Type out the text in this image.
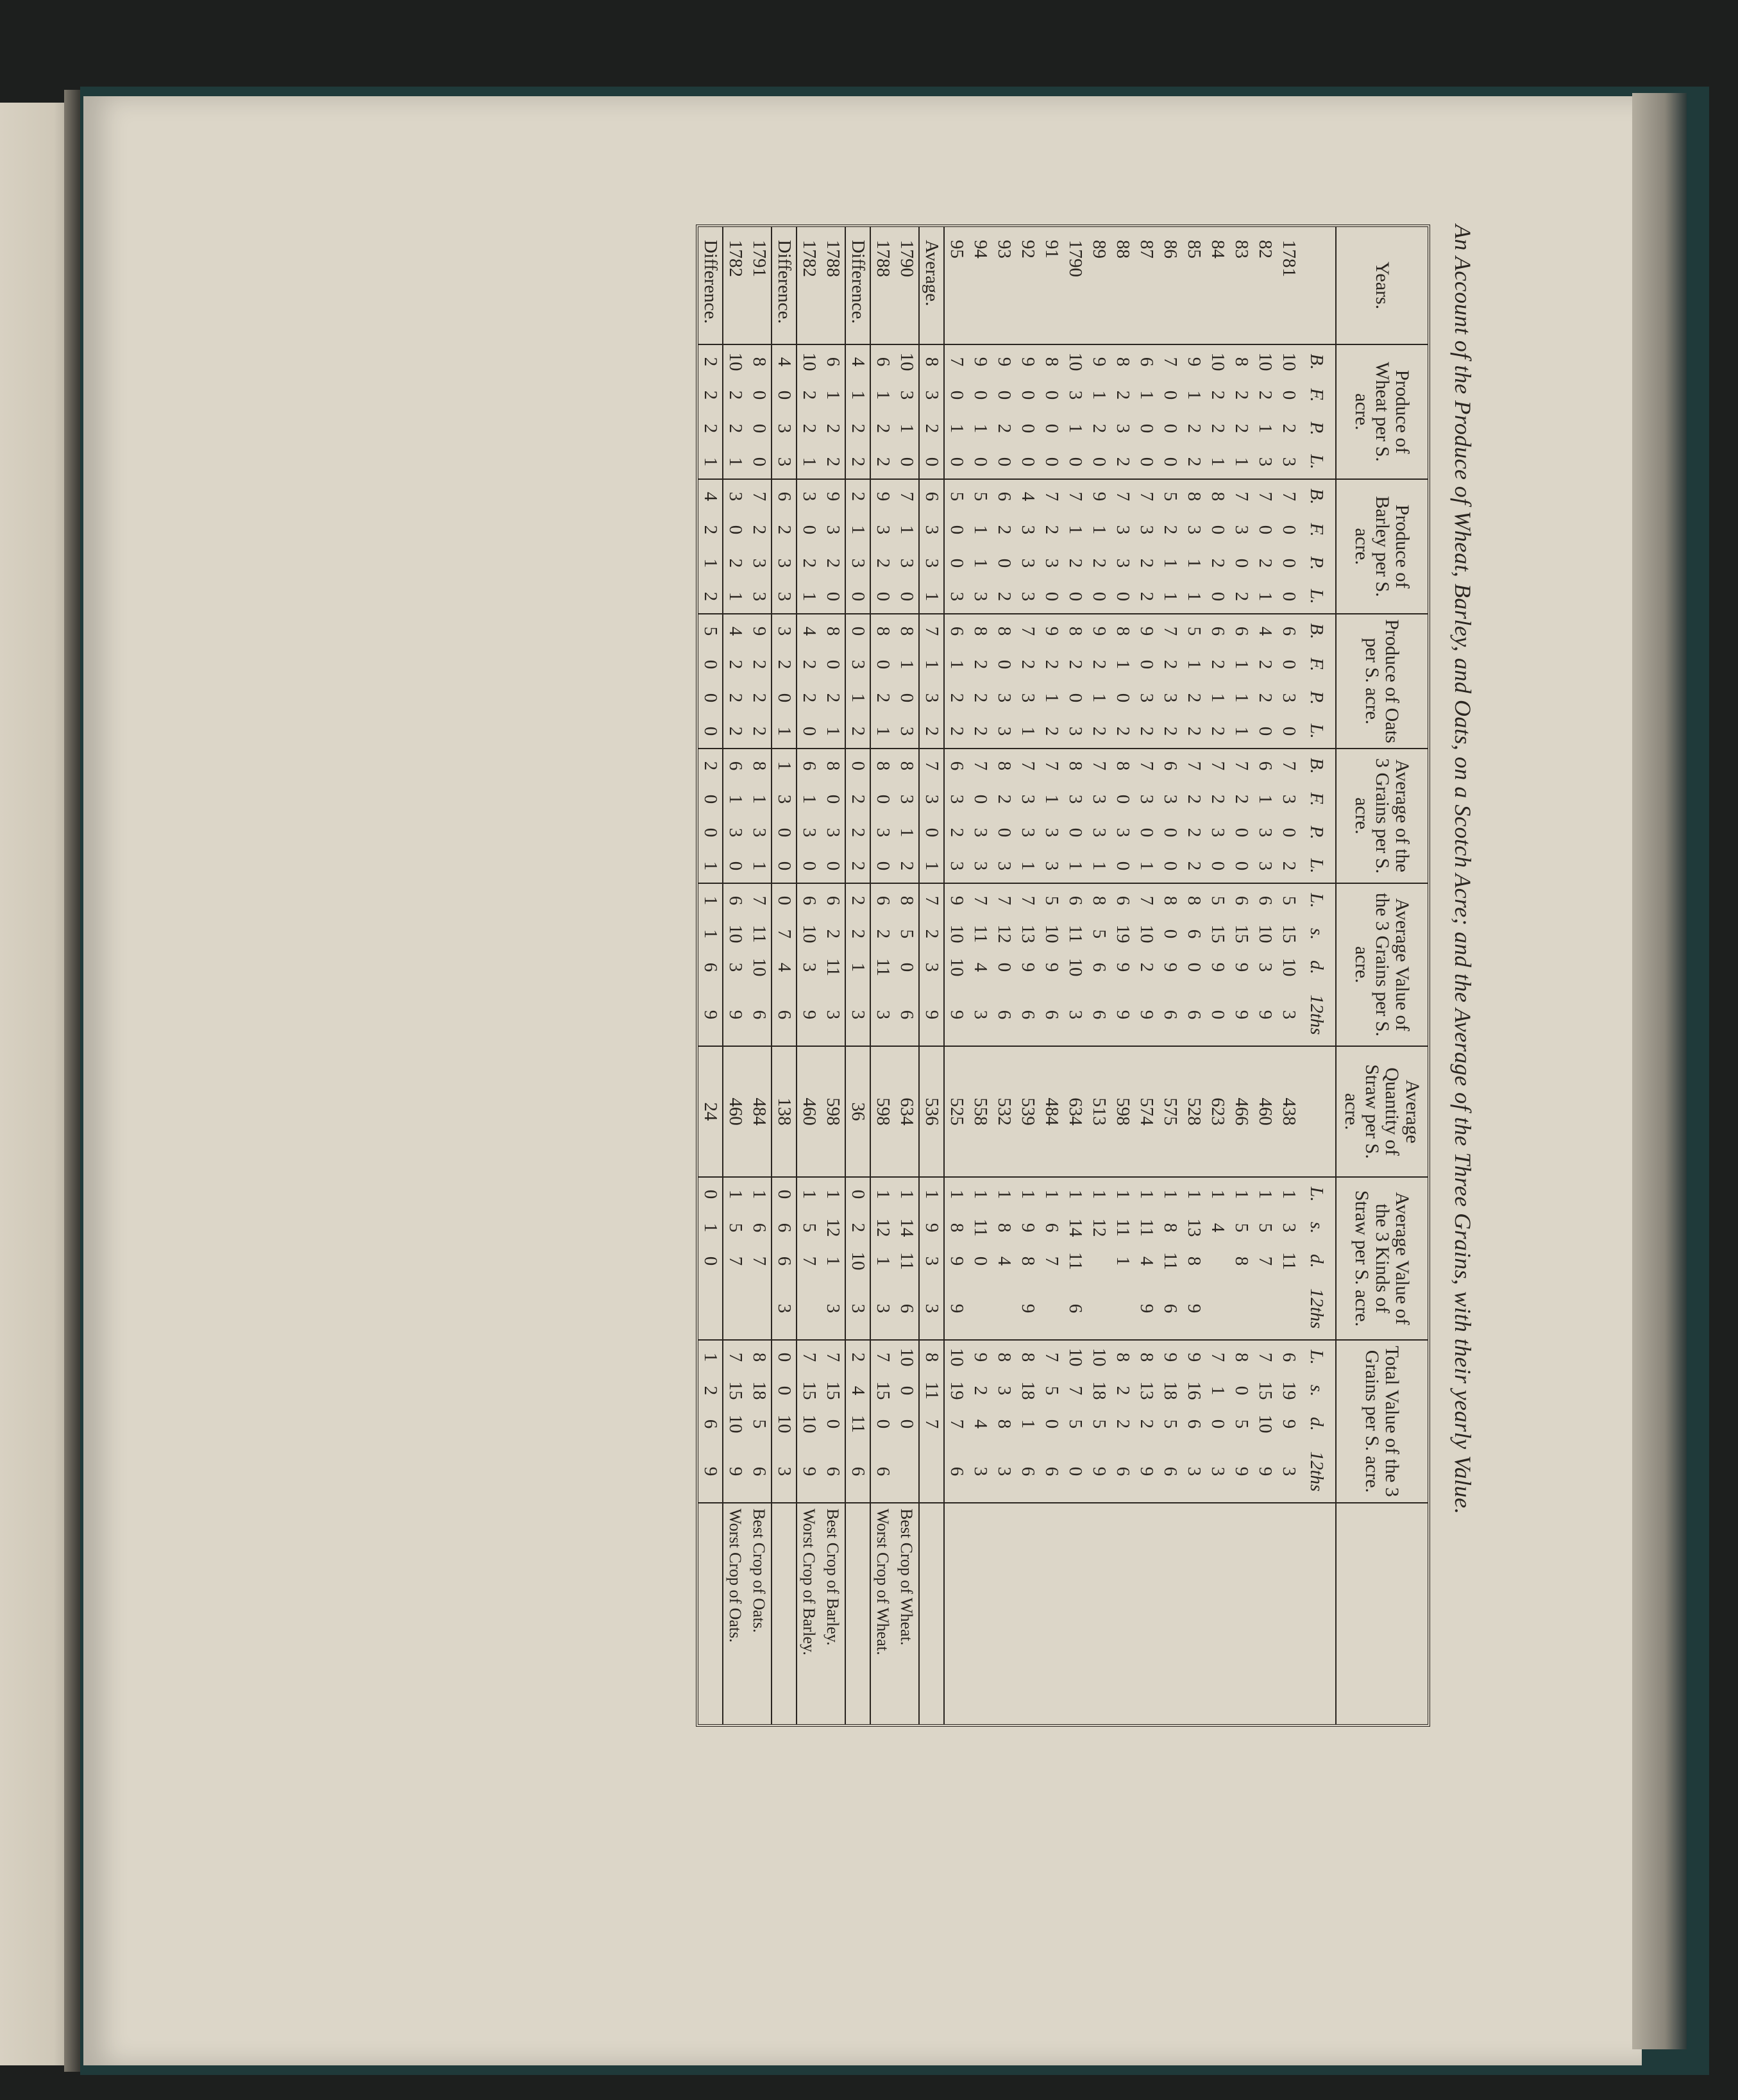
An Account of the Produce of Wheat, Barley, and Oats, on a Scotch Acre; and the Average of the Three Grains, with their yearly Value.
Years.	Produce of Wheat per S. acre.				Produce of Barley per S. acre.				Produce of Oats per S. acre.				Average of the 3 Grains per S. acre.				Average Value of the 3 Grains per S. acre.				Average Quantity of Straw per S. acre.	Average Value of the 3 Kinds of Straw per S. acre.				Total Value of the 3 Grains per S. acre.				
	B.	F.	P.	L.	B.	F.	P.	L.	B.	F.	P.	L.	B.	F.	P.	L.	L.	s.	d.	12ths		L.	s.	d.	12ths	L.	s.	d.	12ths	
1781	10	0	2	3	7	0	0	0	6	0	3	0	7	3	0	2	5	15	10	3	438	1	3	11		6	19	9	3	
82	10	2	1	3	7	0	2	1	4	2	2	0	6	1	3	3	6	10	3	9	460	1	5	7		7	15	10	9	
83	8	2	2	1	7	3	0	2	6	1	1	1	7	2	0	0	6	15	9	9	466	1	5	8		8	0	5	9	
84	10	2	2	1	8	0	2	0	6	2	1	2	7	2	3	0	5	15	9	0	623	1	4			7	1	0	3	
85	9	1	2	2	8	3	1	1	5	1	2	2	7	2	2	2	8	6	0	6	528	1	13	8	9	9	16	6	3	
86	7	0	0	0	5	2	1	1	7	2	3	2	6	3	0	0	8	0	9	6	575	1	8	11	6	9	18	5	6	
87	6	1	0	0	7	3	2	2	9	0	3	2	7	3	0	1	7	10	2	9	574	1	11	4	9	8	13	2	9	
88	8	2	3	2	7	3	3	0	8	1	0	2	8	0	3	0	6	19	9	9	598	1	11	1		8	2	2	6	
89	9	1	2	0	9	1	2	0	9	2	1	2	7	3	3	1	8	5	6	6	513	1	12			10	18	5	9	
1790	10	3	1	0	7	1	2	0	8	2	0	3	8	3	0	1	6	11	10	3	634	1	14	11	6	10	7	5	0	
91	8	0	0	0	7	2	3	0	9	2	1	2	7	1	3	3	5	10	9	6	484	1	6	7		7	5	0	6	
92	9	0	0	0	4	3	3	3	7	2	3	1	7	3	3	1	7	13	9	6	539	1	9	8	9	8	18	1	6	
93	9	0	2	0	6	2	0	2	8	0	3	3	8	2	0	3	7	12	0	6	532	1	8	4		8	3	8	3	
94	9	0	1	0	5	1	1	3	8	2	2	2	7	0	3	3	7	11	4	3	558	1	11	0		9	2	4	3	
95	7	0	1	0	5	0	0	3	6	1	2	2	6	3	2	3	9	10	10	9	525	1	8	9	9	10	19	7	6	
Average.	8	3	2	0	6	3	3	1	7	1	3	2	7	3	0	1	7	2	3	9	536	1	9	3	3	8	11	7		
1790	10	3	1	0	7	1	3	0	8	1	0	3	8	3	1	2	8	5	0	6	634	1	14	11	6	10	0	0		Best Crop of Wheat.
1788	6	1	2	2	9	3	2	0	8	0	2	1	8	0	3	0	6	2	11	3	598	1	12	1	3	7	15	0	6	Worst Crop of Wheat.
Difference.	4	1	2	2	2	1	3	0	0	3	1	2	0	2	2	2	2	2	1	3	36	0	2	10	3	2	4	11	6	
1788	6	1	2	2	9	3	2	0	8	0	2	1	8	0	3	0	6	2	11	3	598	1	12	1	3	7	15	0	6	Best Crop of Barley.
1782	10	2	2	1	3	0	2	1	4	2	2	0	6	1	3	0	6	10	3	9	460	1	5	7		7	15	10	9	Worst Crop of Barley.
Difference.	4	0	3	3	6	2	3	3	3	2	0	1	1	3	0	0	0	7	4	6	138	0	6	6	3	0	0	10	3	
1791	8	0	0	0	7	2	3	3	9	2	2	2	8	1	3	1	7	11	10	6	484	1	6	7		8	18	5	6	Best Crop of Oats.
1782	10	2	2	1	3	0	2	1	4	2	2	2	6	1	3	0	6	10	3	9	460	1	5	7		7	15	10	9	Worst Crop of Oats.
Difference.	2	2	2	1	4	2	1	2	5	0	0	0	2	0	0	1	1	1	6	9	24	0	1	0		1	2	6	9	
